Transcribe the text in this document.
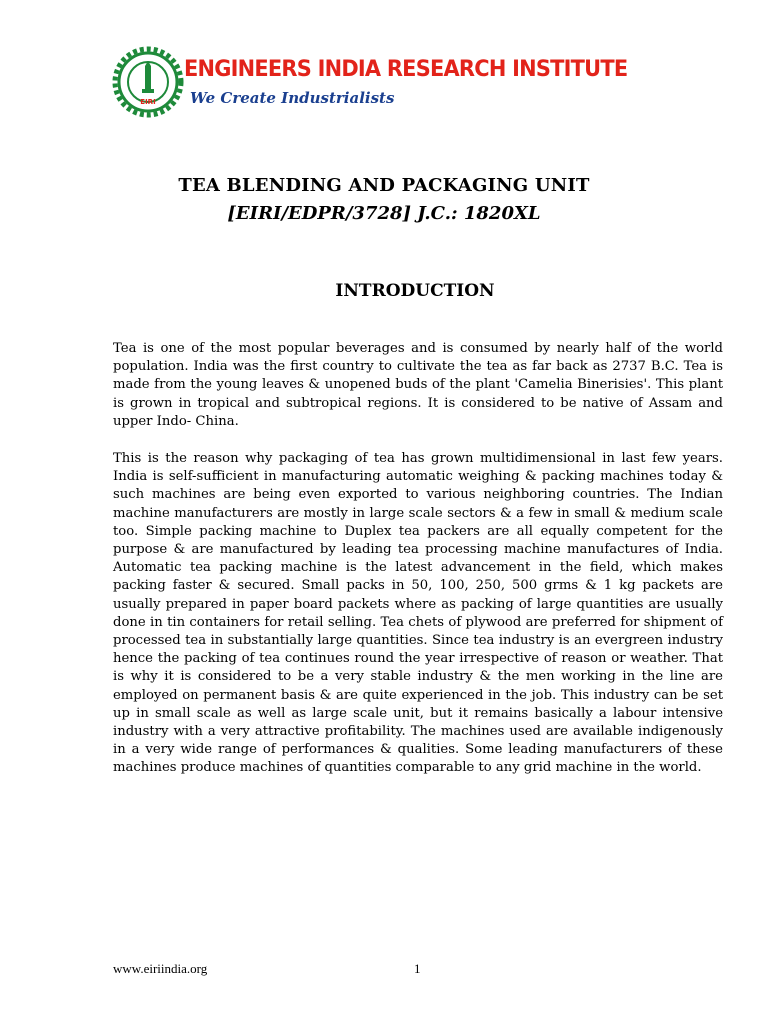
EIRI
ENGINEERS INDIA RESEARCH INSTITUTE
We Create Industrialists
TEA BLENDING AND PACKAGING UNIT
[EIRI/EDPR/3728] J.C.: 1820XL
INTRODUCTION

Tea is one of the most popular beverages and is consumed by nearly half of the world population. India was the first country to cultivate the tea as far back as 2737 B.C. Tea is made from the young leaves & unopened buds of the plant 'Camelia Binerisies'. This plant is grown in tropical and subtropical regions. It is considered to be native of Assam and upper Indo- China.

This is the reason why packaging of tea has grown multidimensional in last few years. India is self-sufficient in manufacturing automatic weighing & packing machines today & such machines are being even exported to various neighboring countries. The Indian machine manufacturers are mostly in large scale sectors & a few in small & medium scale too. Simple packing machine to Duplex tea packers are all equally competent for the purpose & are manufactured by leading tea processing machine manufactures of India. Automatic tea packing machine is the latest advancement in the field, which makes packing faster & secured. Small packs in 50, 100, 250, 500 grms & 1 kg packets are usually prepared in paper board packets where as packing of large quantities are usually done in tin containers for retail selling. Tea chets of plywood are preferred for shipment of processed tea in substantially large quantities. Since tea industry is an evergreen industry hence the packing of tea continues round the year irrespective of reason or weather. That is why it is considered to be a very stable industry & the men working in the line are employed on permanent basis & are quite experienced in the job. This industry can be set up in small scale as well as large scale unit, but it remains basically a labour intensive industry with a very attractive profitability. The machines used are available indigenously in a very wide range of performances & qualities. Some leading manufacturers of these machines produce machines of quantities comparable to any grid machine in the world.

www.eiriindia.org	1
